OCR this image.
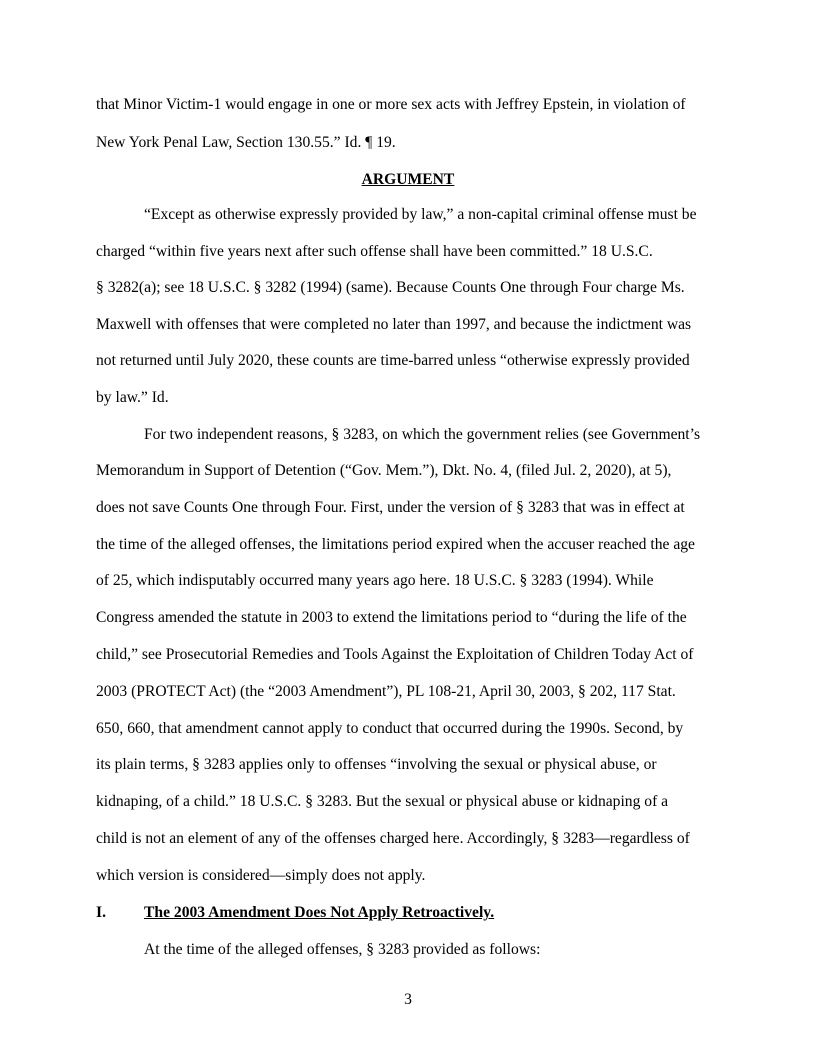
that Minor Victim-1 would engage in one or more sex acts with Jeffrey Epstein, in violation of
New York Penal Law, Section 130.55.” Id. ¶ 19.
ARGUMENT
“Except as otherwise expressly provided by law,” a non-capital criminal offense must be
charged “within five years next after such offense shall have been committed.” 18 U.S.C.
§ 3282(a); see 18 U.S.C. § 3282 (1994) (same). Because Counts One through Four charge Ms.
Maxwell with offenses that were completed no later than 1997, and because the indictment was
not returned until July 2020, these counts are time-barred unless “otherwise expressly provided
by law.” Id.
For two independent reasons, § 3283, on which the government relies (see Government’s
Memorandum in Support of Detention (“Gov. Mem.”), Dkt. No. 4, (filed Jul. 2, 2020), at 5),
does not save Counts One through Four. First, under the version of § 3283 that was in effect at
the time of the alleged offenses, the limitations period expired when the accuser reached the age
of 25, which indisputably occurred many years ago here. 18 U.S.C. § 3283 (1994). While
Congress amended the statute in 2003 to extend the limitations period to “during the life of the
child,” see Prosecutorial Remedies and Tools Against the Exploitation of Children Today Act of
2003 (PROTECT Act) (the “2003 Amendment”), PL 108-21, April 30, 2003, § 202, 117 Stat.
650, 660, that amendment cannot apply to conduct that occurred during the 1990s. Second, by
its plain terms, § 3283 applies only to offenses “involving the sexual or physical abuse, or
kidnaping, of a child.” 18 U.S.C. § 3283. But the sexual or physical abuse or kidnaping of a
child is not an element of any of the offenses charged here. Accordingly, § 3283—regardless of
which version is considered—simply does not apply.
I. The 2003 Amendment Does Not Apply Retroactively.
At the time of the alleged offenses, § 3283 provided as follows:
3
